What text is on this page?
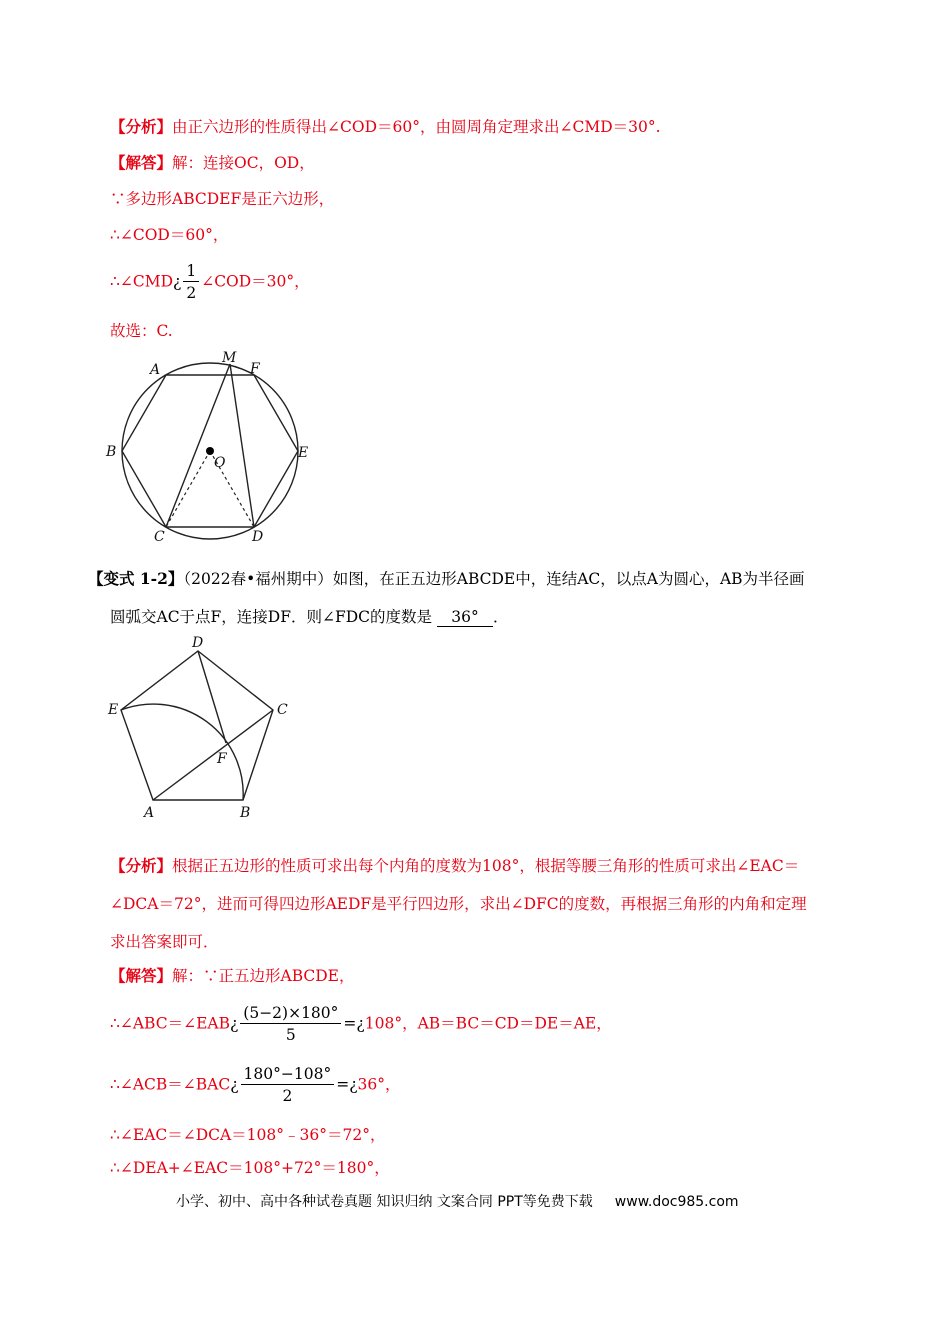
【分析】由正六边形的性质得出∠COD＝60°，由圆周角定理求出∠CMD＝30°.
【解答】解：连接OC，OD，
∵多边形ABCDEF是正六边形，
∴∠COD＝60°，
∴∠CMD¿ $\frac{1}{2}$ ∠COD＝30°，
故选：C.
A
M
F
B	E
O
C	D
【变式 1-2】（2022春•福州期中）如图，在正五边形ABCDE中，连结AC，以点A为圆心，AB为半径画
圆弧交AC于点F，连接DF．则∠FDC的度数是 36° ．
D
E	C
F
A	B
【分析】根据正五边形的性质可求出每个内角的度数为108°，根据等腰三角形的性质可求出∠EAC＝
∠DCA＝72°，进而可得四边形AEDF是平行四边形，求出∠DFC的度数，再根据三角形的内角和定理
求出答案即可．
【解答】解：∵正五边形ABCDE，
∴∠ABC＝∠EAB¿ $\frac{(5-2)\times 180^\circ}{5}$ =¿108°，AB＝BC＝CD＝DE＝AE，
∴∠ACB＝∠BAC¿ $\frac{180^\circ-108^\circ}{2}$ =¿36°，
∴∠EAC＝∠DCA＝108°﹣36°＝72°，
∴∠DEA+∠EAC＝108°+72°＝180°，
小学、初中、高中各种试卷真题 知识归纳 文案合同 PPT等免费下载 www.doc985.com
